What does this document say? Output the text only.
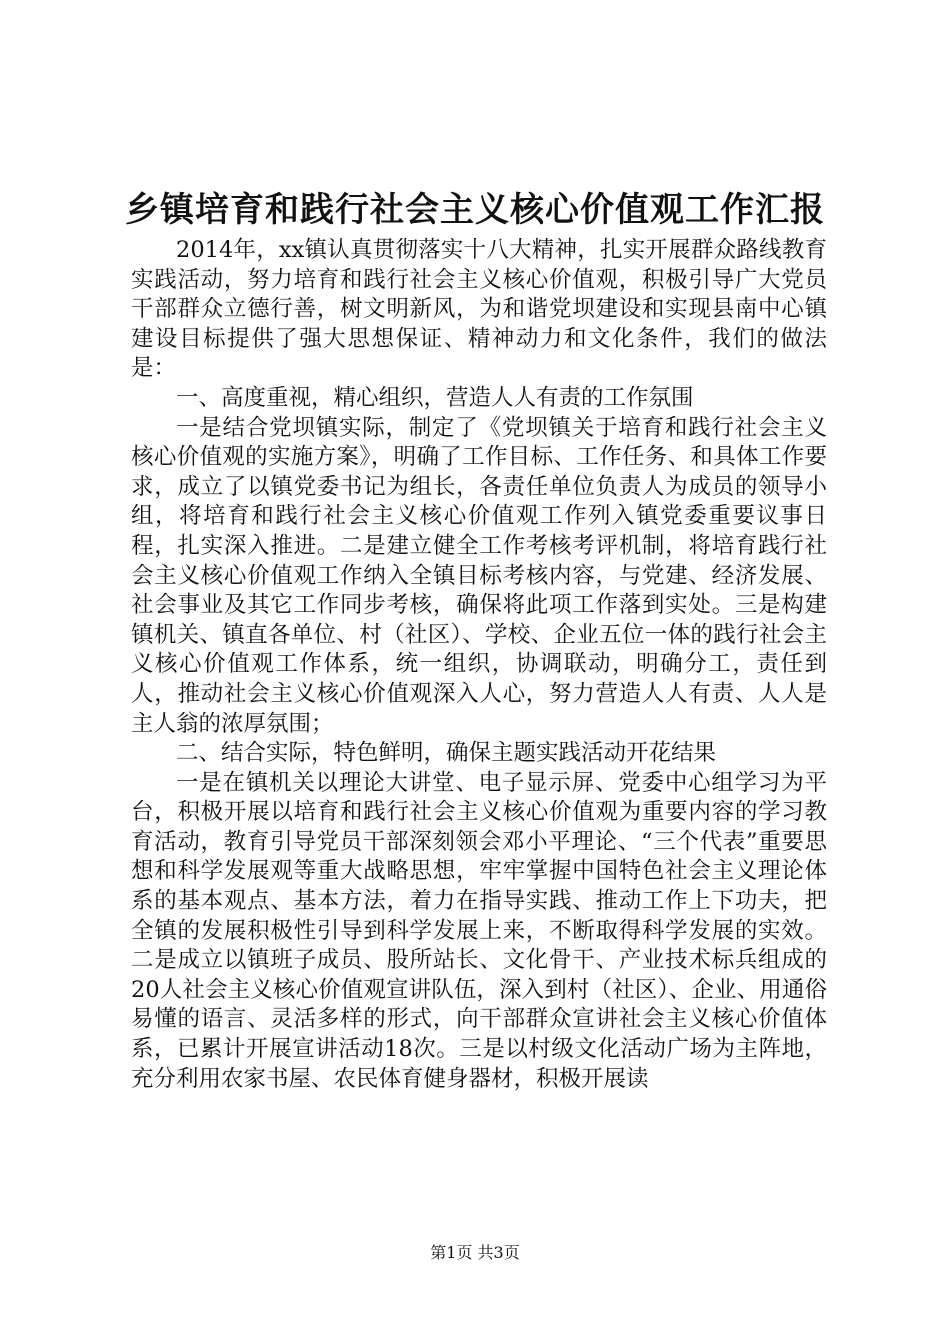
乡镇培育和践行社会主义核心价值观工作汇报

2014年，xx镇认真贯彻落实十八大精神，扎实开展群众路线教育实践活动，努力培育和践行社会主义核心价值观，积极引导广大党员干部群众立德行善，树文明新风，为和谐党坝建设和实现县南中心镇建设目标提供了强大思想保证、精神动力和文化条件，我们的做法是：

一、高度重视，精心组织，营造人人有责的工作氛围

一是结合党坝镇实际，制定了《党坝镇关于培育和践行社会主义核心价值观的实施方案》，明确了工作目标、工作任务、和具体工作要求，成立了以镇党委书记为组长，各责任单位负责人为成员的领导小组，将培育和践行社会主义核心价值观工作列入镇党委重要议事日程，扎实深入推进。二是建立健全工作考核考评机制，将培育践行社会主义核心价值观工作纳入全镇目标考核内容，与党建、经济发展、社会事业及其它工作同步考核，确保将此项工作落到实处。三是构建镇机关、镇直各单位、村（社区）、学校、企业五位一体的践行社会主义核心价值观工作体系，统一组织，协调联动，明确分工，责任到人，推动社会主义核心价值观深入人心，努力营造人人有责、人人是主人翁的浓厚氛围；

二、结合实际，特色鲜明，确保主题实践活动开花结果

一是在镇机关以理论大讲堂、电子显示屏、党委中心组学习为平台，积极开展以培育和践行社会主义核心价值观为重要内容的学习教育活动，教育引导党员干部深刻领会邓小平理论、“三个代表”重要思想和科学发展观等重大战略思想，牢牢掌握中国特色社会主义理论体系的基本观点、基本方法，着力在指导实践、推动工作上下功夫，把全镇的发展积极性引导到科学发展上来，不断取得科学发展的实效。二是成立以镇班子成员、股所站长、文化骨干、产业技术标兵组成的20人社会主义核心价值观宣讲队伍，深入到村（社区）、企业、用通俗易懂的语言、灵活多样的形式，向干部群众宣讲社会主义核心价值体系，已累计开展宣讲活动18次。三是以村级文化活动广场为主阵地，充分利用农家书屋、农民体育健身器材，积极开展读

第1页 共3页
